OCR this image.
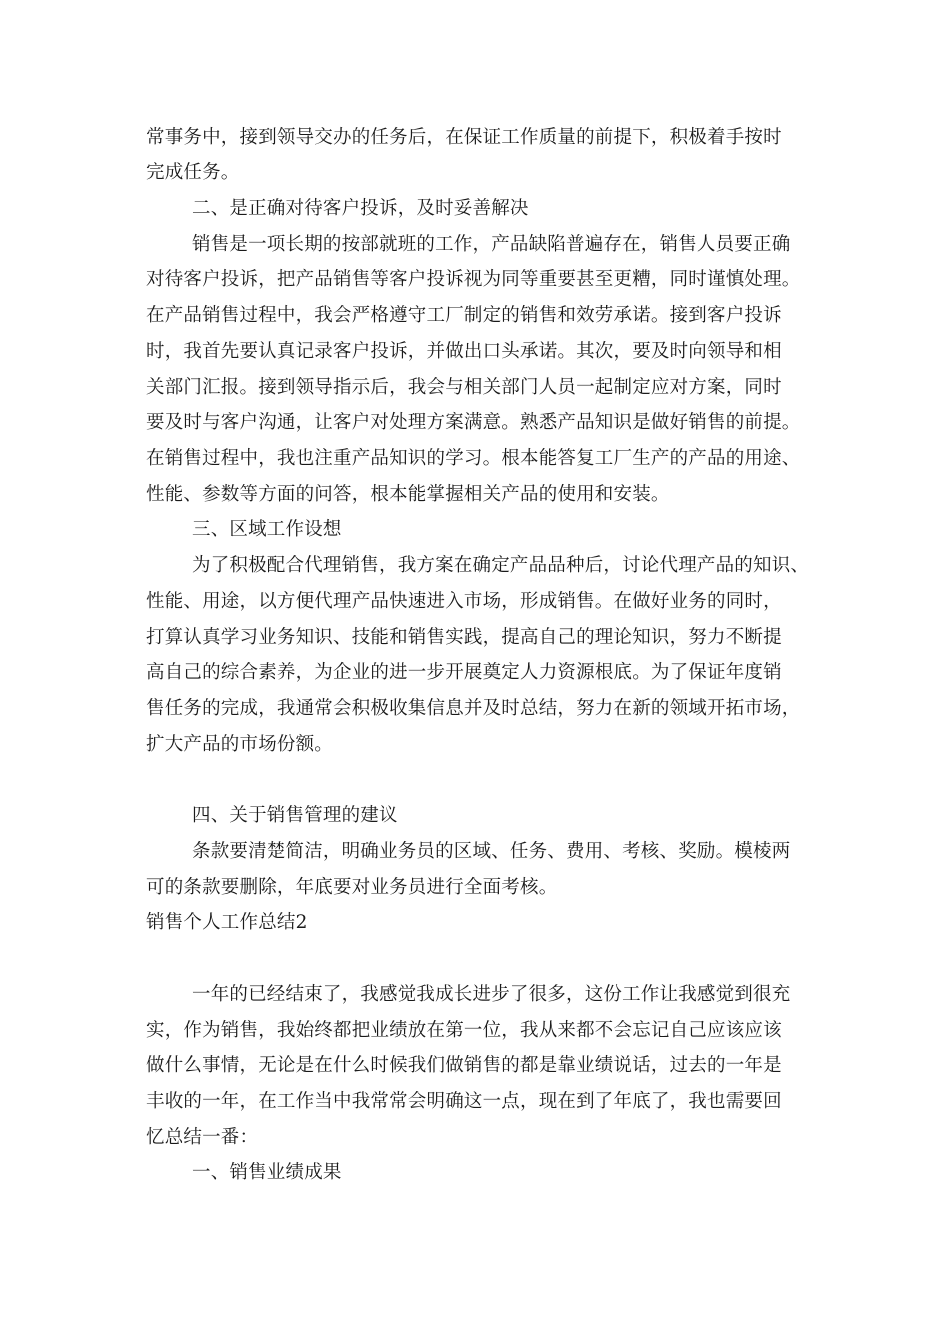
常事务中，接到领导交办的任务后，在保证工作质量的前提下，积极着手按时
完成任务。
二、是正确对待客户投诉，及时妥善解决
销售是一项长期的按部就班的工作，产品缺陷普遍存在，销售人员要正确
对待客户投诉，把产品销售等客户投诉视为同等重要甚至更糟，同时谨慎处理。
在产品销售过程中，我会严格遵守工厂制定的销售和效劳承诺。接到客户投诉
时，我首先要认真记录客户投诉，并做出口头承诺。其次，要及时向领导和相
关部门汇报。接到领导指示后，我会与相关部门人员一起制定应对方案，同时
要及时与客户沟通，让客户对处理方案满意。熟悉产品知识是做好销售的前提。
在销售过程中，我也注重产品知识的学习。根本能答复工厂生产的产品的用途、
性能、参数等方面的问答，根本能掌握相关产品的使用和安装。
三、区域工作设想
为了积极配合代理销售，我方案在确定产品品种后，讨论代理产品的知识、
性能、用途，以方便代理产品快速进入市场，形成销售。在做好业务的同时，
打算认真学习业务知识、技能和销售实践，提高自己的理论知识，努力不断提
高自己的综合素养，为企业的进一步开展奠定人力资源根底。为了保证年度销
售任务的完成，我通常会积极收集信息并及时总结，努力在新的领域开拓市场，
扩大产品的市场份额。
四、关于销售管理的建议
条款要清楚简洁，明确业务员的区域、任务、费用、考核、奖励。模棱两
可的条款要删除，年底要对业务员进行全面考核。
销售个人工作总结2
一年的已经结束了，我感觉我成长进步了很多，这份工作让我感觉到很充
实，作为销售，我始终都把业绩放在第一位，我从来都不会忘记自己应该应该
做什么事情，无论是在什么时候我们做销售的都是靠业绩说话，过去的一年是
丰收的一年，在工作当中我常常会明确这一点，现在到了年底了，我也需要回
忆总结一番：
一、销售业绩成果
